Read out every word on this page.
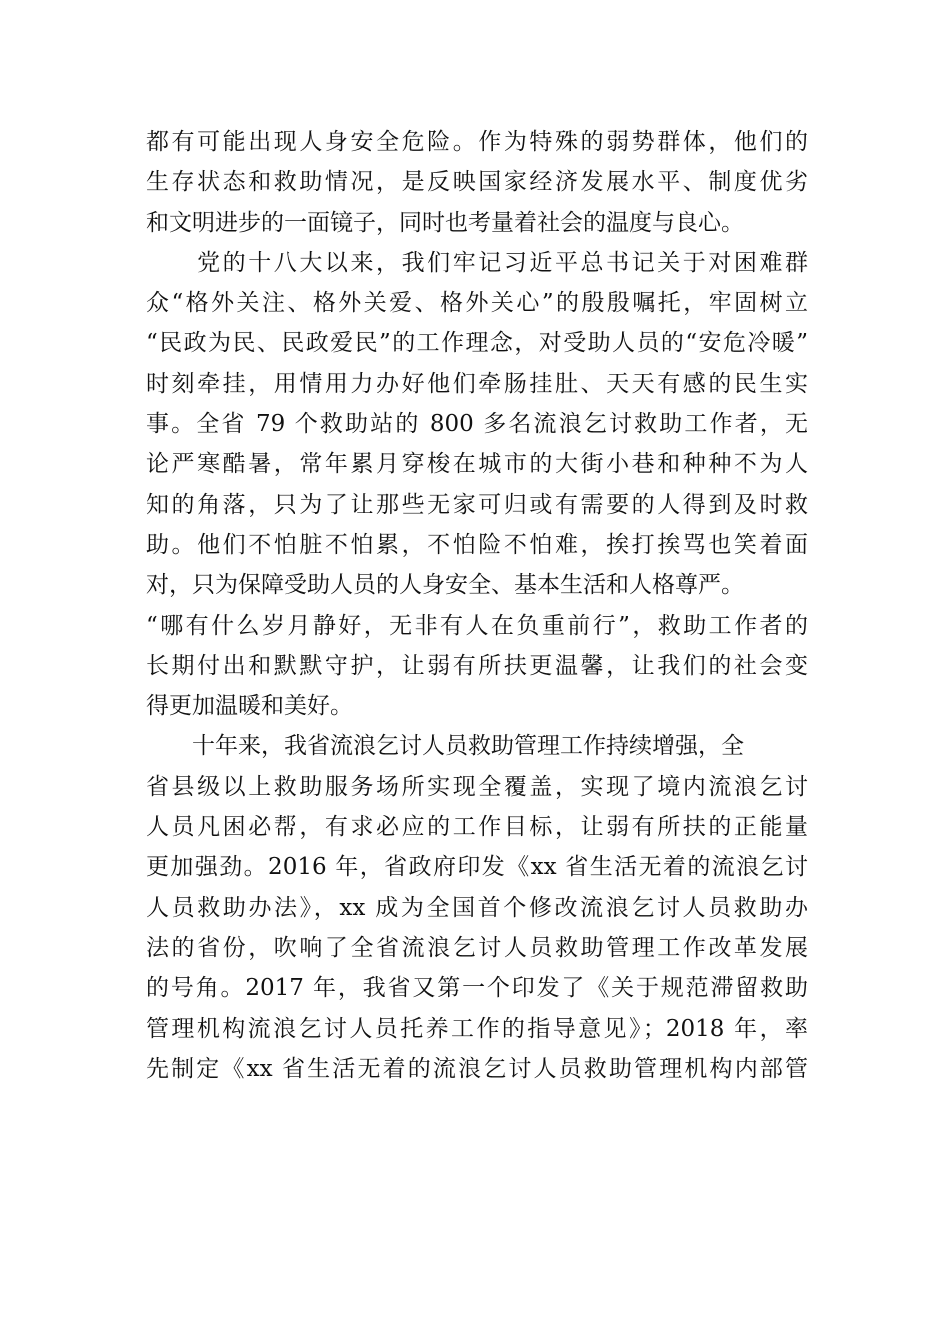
都有可能出现人身安全危险。作为特殊的弱势群体，他们的
生存状态和救助情况，是反映国家经济发展水平、制度优劣
和文明进步的一面镜子，同时也考量着社会的温度与良心。
　　党的十八大以来，我们牢记习近平总书记关于对困难群
众“格外关注、格外关爱、格外关心”的殷殷嘱托，牢固树立
“民政为民、民政爱民”的工作理念，对受助人员的“安危冷暖”
时刻牵挂，用情用力办好他们牵肠挂肚、天天有感的民生实
事。全省 79 个救助站的 800 多名流浪乞讨救助工作者，无
论严寒酷暑，常年累月穿梭在城市的大街小巷和种种不为人
知的角落，只为了让那些无家可归或有需要的人得到及时救
助。他们不怕脏不怕累，不怕险不怕难，挨打挨骂也笑着面
对，只为保障受助人员的人身安全、基本生活和人格尊严。
“哪有什么岁月静好，无非有人在负重前行”，救助工作者的
长期付出和默默守护，让弱有所扶更温馨，让我们的社会变
得更加温暖和美好。
　　十年来，我省流浪乞讨人员救助管理工作持续增强，全
省县级以上救助服务场所实现全覆盖，实现了境内流浪乞讨
人员凡困必帮，有求必应的工作目标，让弱有所扶的正能量
更加强劲。2016 年，省政府印发《xx 省生活无着的流浪乞讨
人员救助办法》，xx 成为全国首个修改流浪乞讨人员救助办
法的省份，吹响了全省流浪乞讨人员救助管理工作改革发展
的号角。2017 年，我省又第一个印发了《关于规范滞留救助
管理机构流浪乞讨人员托养工作的指导意见》；2018 年，率
先制定《xx 省生活无着的流浪乞讨人员救助管理机构内部管
